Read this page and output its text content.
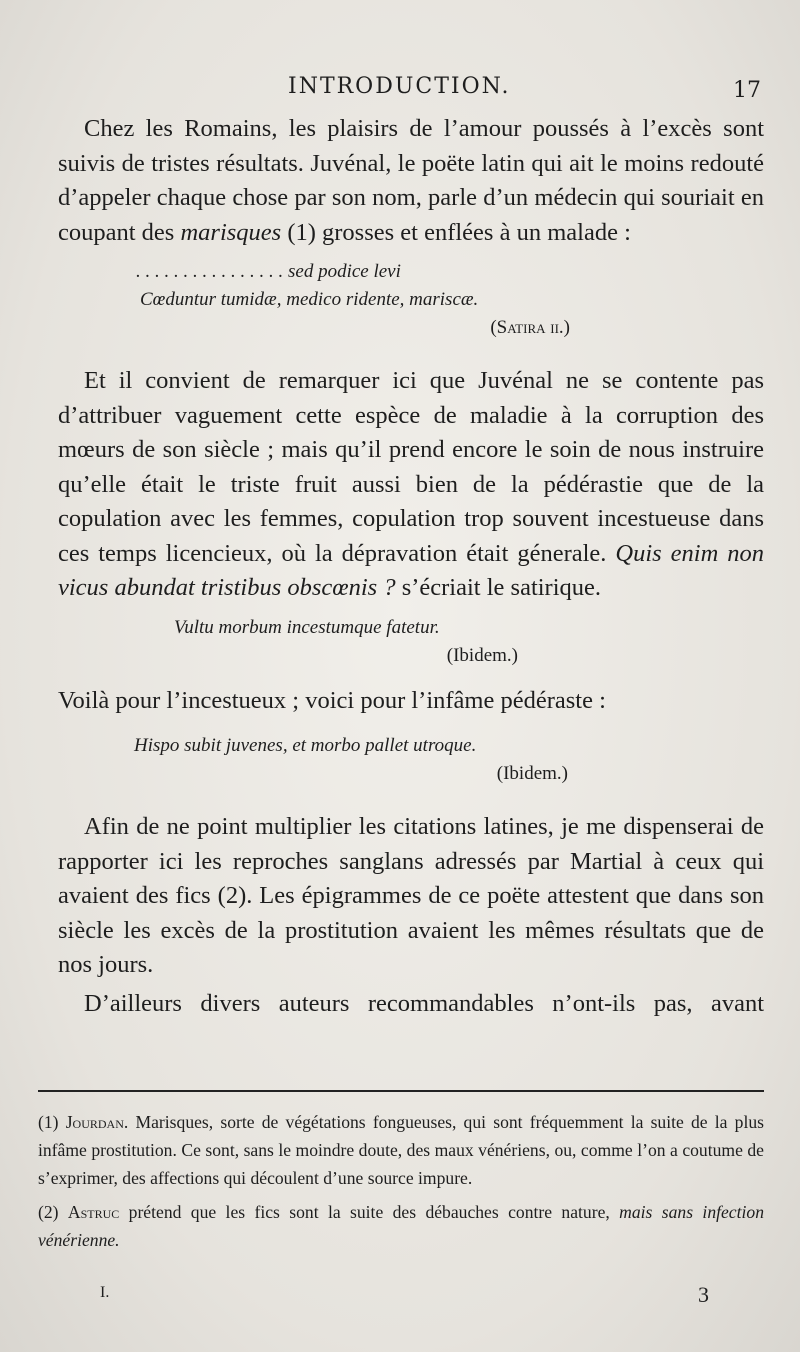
INTRODUCTION.	17

Chez les Romains, les plaisirs de l’amour poussés à l’excès sont suivis de tristes résultats. Juvénal, le poëte latin qui ait le moins redouté d’appeler chaque chose par son nom, parle d’un médecin qui souriait en coupant des marisques (1) grosses et enflées à un malade :

. . . . . . . . . . . . . . . . sed podice levi
Cœduntur tumidæ, medico ridente, mariscæ.
(Satira ii.)

Et il convient de remarquer ici que Juvénal ne se contente pas d’attribuer vaguement cette espèce de maladie à la corruption des mœurs de son siècle ; mais qu’il prend encore le soin de nous instruire qu’elle était le triste fruit aussi bien de la pédérastie que de la copulation avec les femmes, copulation trop souvent incestueuse dans ces temps licencieux, où la dépravation était génerale. Quis enim non vicus abundat tristibus obscœnis ? s’écriait le satirique.

Vultu morbum incestumque fatetur.
(Ibidem.)

Voilà pour l’incestueux ; voici pour l’infâme pédéraste :

Hispo subit juvenes, et morbo pallet utroque.
(Ibidem.)

Afin de ne point multiplier les citations latines, je me dispenserai de rapporter ici les reproches sanglans adressés par Martial à ceux qui avaient des fics (2). Les épigrammes de ce poëte attestent que dans son siècle les excès de la prostitution avaient les mêmes résultats que de nos jours.

D’ailleurs divers auteurs recommandables n’ont-ils pas, avant

(1) Jourdan. Marisques, sorte de végétations fongueuses, qui sont fréquemment la suite de la plus infâme prostitution. Ce sont, sans le moindre doute, des maux vénériens, ou, comme l’on a coutume de s’exprimer, des affections qui découlent d’une source impure.

(2) Astruc prétend que les fics sont la suite des débauches contre nature, mais sans infection vénérienne.

I.	3
